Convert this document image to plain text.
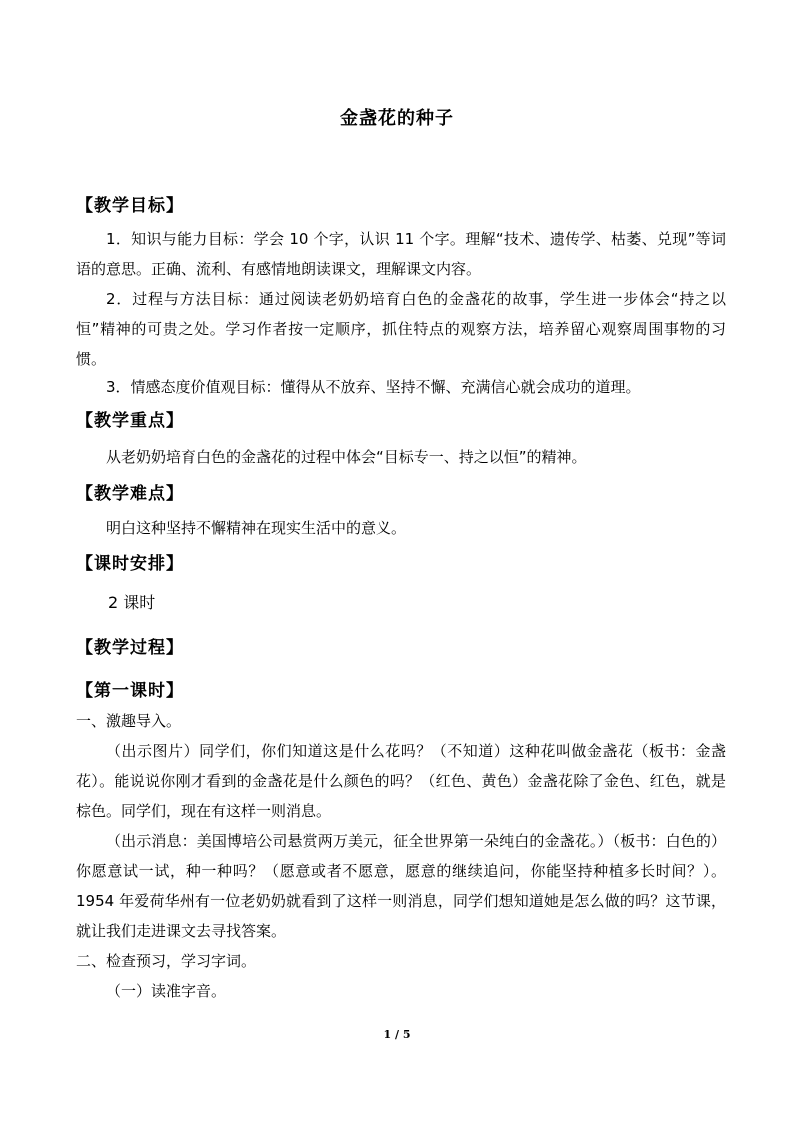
金盏花的种子
【教学目标】
1．知识与能力目标：学会 10 个字，认识 11 个字。理解“技术、遗传学、枯萎、兑现”等词语的意思。正确、流利、有感情地朗读课文，理解课文内容。
2．过程与方法目标：通过阅读老奶奶培育白色的金盏花的故事，学生进一步体会“持之以恒”精神的可贵之处。学习作者按一定顺序，抓住特点的观察方法，培养留心观察周围事物的习惯。
3．情感态度价值观目标：懂得从不放弃、坚持不懈、充满信心就会成功的道理。
【教学重点】
从老奶奶培育白色的金盏花的过程中体会“目标专一、持之以恒”的精神。
【教学难点】
明白这种坚持不懈精神在现实生活中的意义。
【课时安排】
2 课时
【教学过程】
【第一课时】
一、激趣导入。
（出示图片）同学们，你们知道这是什么花吗？（不知道）这种花叫做金盏花（板书：金盏花）。能说说你刚才看到的金盏花是什么颜色的吗？（红色、黄色）金盏花除了金色、红色，就是棕色。同学们，现在有这样一则消息。
（出示消息：美国博培公司悬赏两万美元，征全世界第一朵纯白的金盏花。）（板书：白色的）你愿意试一试，种一种吗？（愿意或者不愿意，愿意的继续追问，你能坚持种植多长时间？）。1954 年爱荷华州有一位老奶奶就看到了这样一则消息，同学们想知道她是怎么做的吗？这节课，就让我们走进课文去寻找答案。
二、检查预习，学习字词。
（一）读准字音。
1 / 5
